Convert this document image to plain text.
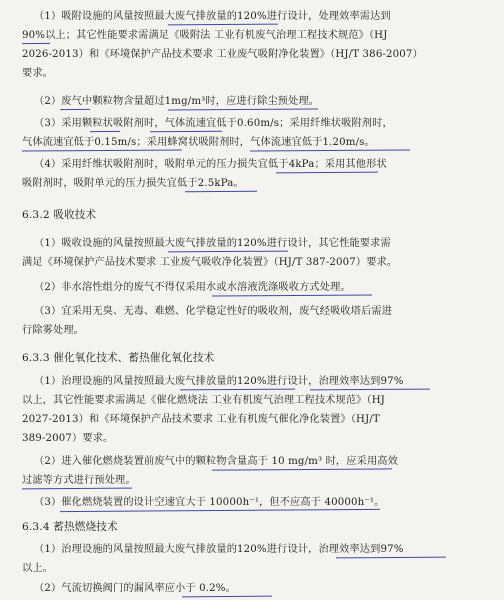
（1）吸附设施的风量按照最大废气排放量的120%进行设计，处理效率需达到
90%以上；其它性能要求需满足《吸附法 工业有机废气治理工程技术规范》（HJ
2026-2013）和《环境保护产品技术要求 工业废气吸附净化装置》（HJ/T 386-2007）
要求。
（2）废气中颗粒物含量超过1mg/m³时，应进行除尘预处理。
（3）采用颗粒状吸附剂时，气体流速宜低于0.60m/s；采用纤维状吸附剂时，
气体流速宜低于0.15m/s；采用蜂窝状吸附剂时，气体流速宜低于1.20m/s。
（4）采用纤维状吸附剂时，吸附单元的压力损失宜低于4kPa；采用其他形状
吸附剂时，吸附单元的压力损失宜低于2.5kPa。
6.3.2 吸收技术
（1）吸收设施的风量按照最大废气排放量的120%进行设计，其它性能要求需
满足《环境保护产品技术要求 工业废气吸收净化装置》（HJ/T 387-2007）要求。
（2）非水溶性组分的废气不得仅采用水或水溶液洗涤吸收方式处理。
（3）宜采用无臭、无毒、难燃、化学稳定性好的吸收剂，废气经吸收塔后需进
行除雾处理。
6.3.3 催化氧化技术、蓄热催化氧化技术
（1）治理设施的风量按照最大废气排放量的120%进行设计，治理效率达到97%
以上，其它性能要求需满足《催化燃烧法 工业有机废气治理工程技术规范》（HJ
2027-2013）和《环境保护产品技术要求 工业有机废气催化净化装置》（HJ/T
389-2007）要求。
（2）进入催化燃烧装置前废气中的颗粒物含量高于 10 mg/m³ 时，应采用高效
过滤等方式进行预处理。
（3）催化燃烧装置的设计空速宜大于 10000h⁻¹，但不应高于 40000h⁻¹。
6.3.4 蓄热燃烧技术
（1）治理设施的风量按照最大废气排放量的120%进行设计，治理效率达到97%
以上。
（2）气流切换阀门的漏风率应小于 0.2%。
